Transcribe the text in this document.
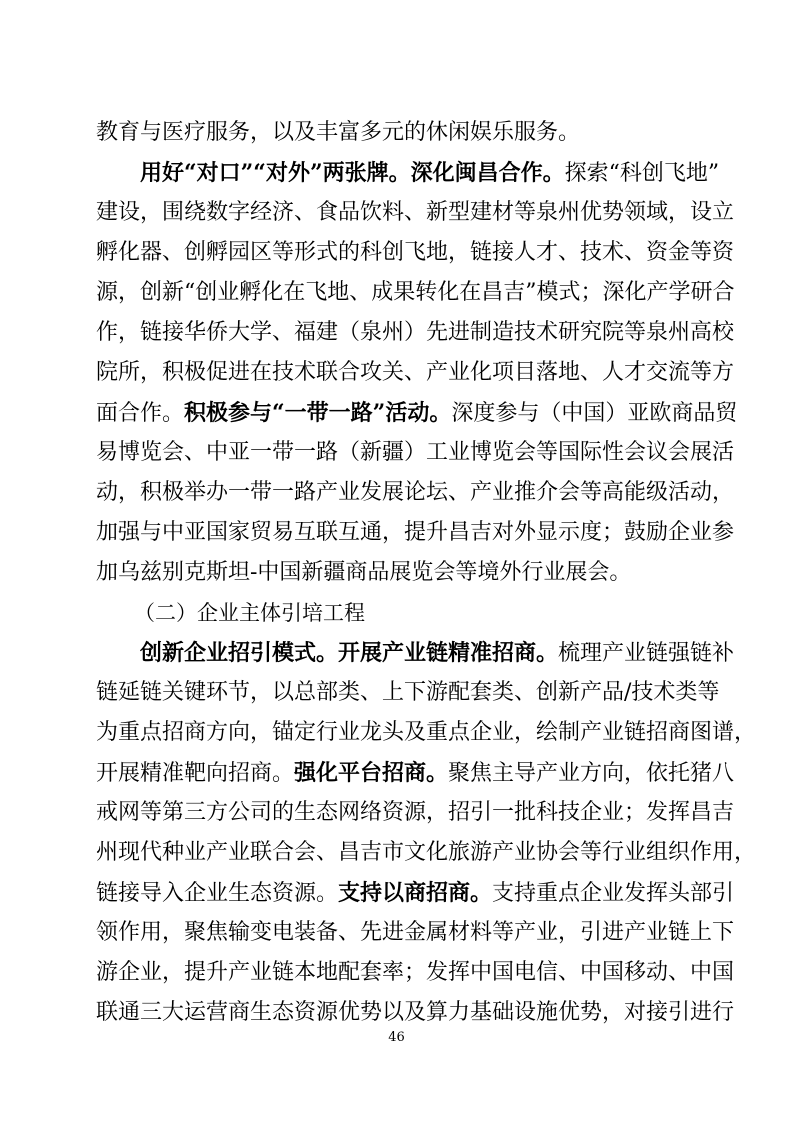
教育与医疗服务，以及丰富多元的休闲娱乐服务。
用好“对口”“对外”两张牌。深化闽昌合作。探索“科创飞地”
建设，围绕数字经济、食品饮料、新型建材等泉州优势领域，设立
孵化器、创孵园区等形式的科创飞地，链接人才、技术、资金等资
源，创新“创业孵化在飞地、成果转化在昌吉”模式；深化产学研合
作，链接华侨大学、福建（泉州）先进制造技术研究院等泉州高校
院所，积极促进在技术联合攻关、产业化项目落地、人才交流等方
面合作。积极参与“一带一路”活动。深度参与（中国）亚欧商品贸
易博览会、中亚一带一路（新疆）工业博览会等国际性会议会展活
动，积极举办一带一路产业发展论坛、产业推介会等高能级活动，
加强与中亚国家贸易互联互通，提升昌吉对外显示度；鼓励企业参
加乌兹别克斯坦-中国新疆商品展览会等境外行业展会。
（二）企业主体引培工程
创新企业招引模式。开展产业链精准招商。梳理产业链强链补
链延链关键环节，以总部类、上下游配套类、创新产品/技术类等
为重点招商方向，锚定行业龙头及重点企业，绘制产业链招商图谱，
开展精准靶向招商。强化平台招商。聚焦主导产业方向，依托猪八
戒网等第三方公司的生态网络资源，招引一批科技企业；发挥昌吉
州现代种业产业联合会、昌吉市文化旅游产业协会等行业组织作用，
链接导入企业生态资源。支持以商招商。支持重点企业发挥头部引
领作用，聚焦输变电装备、先进金属材料等产业，引进产业链上下
游企业，提升产业链本地配套率；发挥中国电信、中国移动、中国
联通三大运营商生态资源优势以及算力基础设施优势，对接引进行
46
